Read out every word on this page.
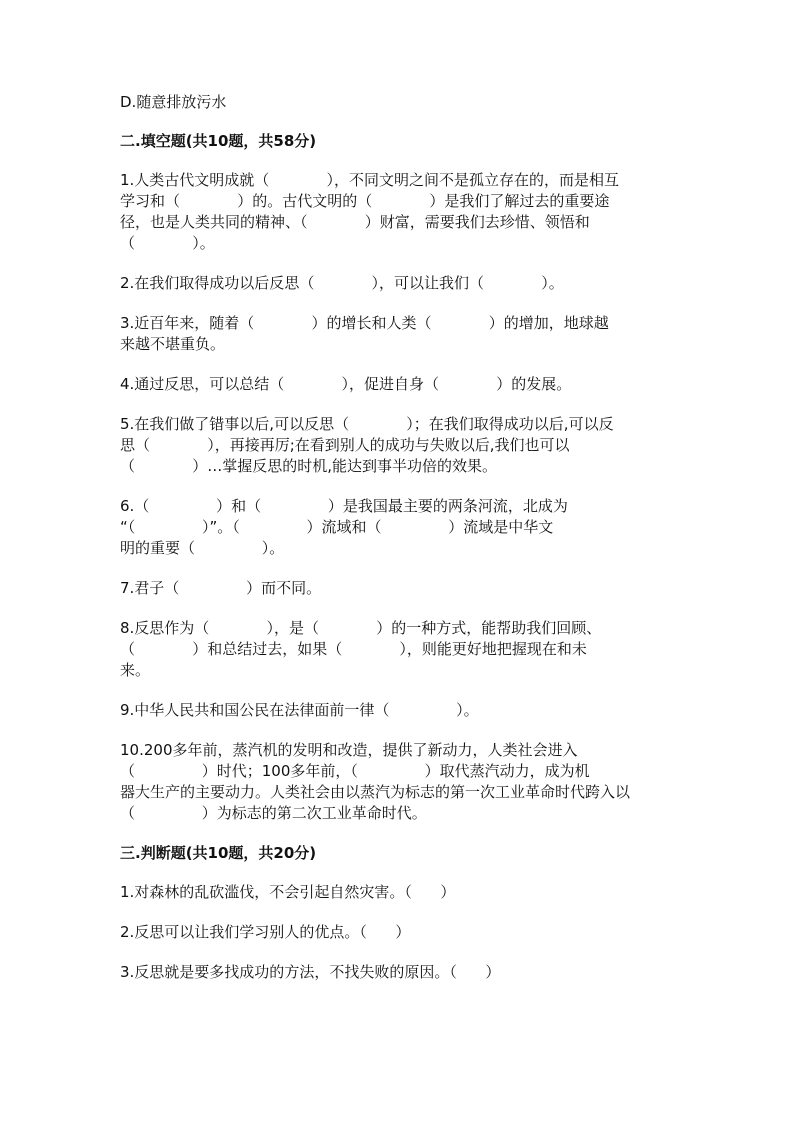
D.随意排放污水
二.填空题(共10题，共58分)
1.人类古代文明成就（            ），不同文明之间不是孤立存在的，而是相互
学习和（            ）的。古代文明的（            ）是我们了解过去的重要途
径，也是人类共同的精神、（            ）财富，需要我们去珍惜、领悟和
（            ）。
2.在我们取得成功以后反思（            ），可以让我们（            ）。
3.近百年来，随着（            ）的增长和人类（            ）的增加，地球越
来越不堪重负。
4.通过反思，可以总结（            ），促进自身（            ）的发展。
5.在我们做了错事以后,可以反思（            ）；在我们取得成功以后,可以反
思（            ），再接再厉;在看到别人的成功与失败以后,我们也可以
（            ）…掌握反思的时机,能达到事半功倍的效果。
6.（              ）和（              ）是我国最主要的两条河流，北成为
“（              ）”。（              ）流域和（              ）流域是中华文
明的重要（              ）。
7.君子（              ）而不同。
8.反思作为（            ），是（            ）的一种方式，能帮助我们回顾、
（            ）和总结过去，如果（            ），则能更好地把握现在和未
来。
9.中华人民共和国公民在法律面前一律（              ）。
10.200多年前，蒸汽机的发明和改造，提供了新动力，人类社会进入
（              ）时代；100多年前，（              ）取代蒸汽动力，成为机
器大生产的主要动力。人类社会由以蒸汽为标志的第一次工业革命时代跨入以
（              ）为标志的第二次工业革命时代。
三.判断题(共10题，共20分)
1.对森林的乱砍滥伐，不会引起自然灾害。（      ）
2.反思可以让我们学习别人的优点。（      ）
3.反思就是要多找成功的方法，不找失败的原因。（      ）
